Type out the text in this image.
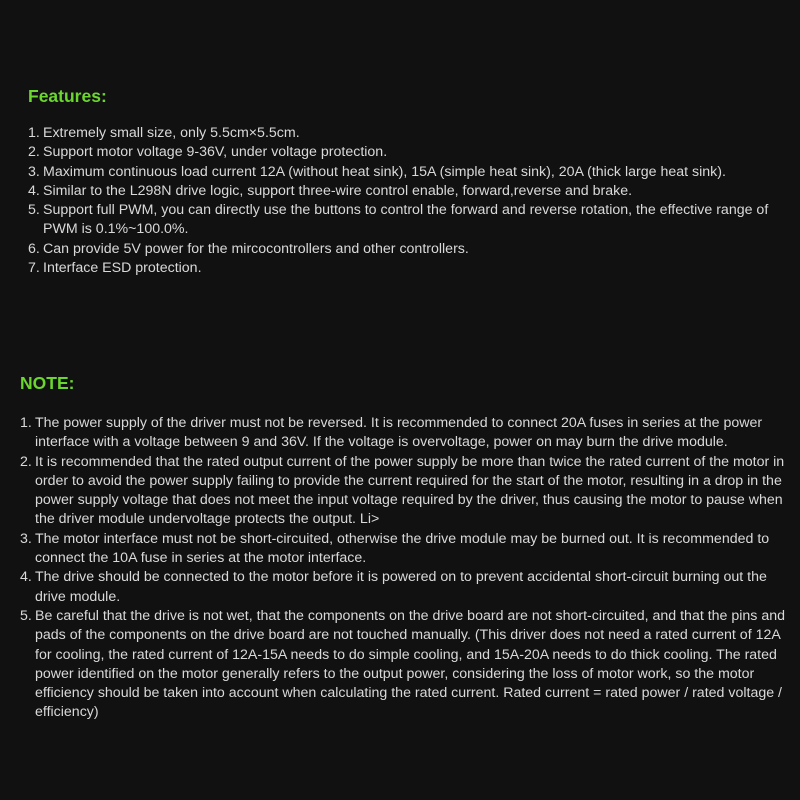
Features:
1. Extremely small size, only 5.5cm×5.5cm.
2. Support motor voltage 9-36V, under voltage protection.
3. Maximum continuous load current 12A (without heat sink), 15A (simple heat sink), 20A (thick large heat sink).
4. Similar to the L298N drive logic, support three-wire control enable, forward,reverse and brake.
5. Support full PWM, you can directly use the buttons to control the forward and reverse rotation, the effective range of PWM is 0.1%~100.0%.
6. Can provide 5V power for the mircocontrollers and other controllers.
7. Interface ESD protection.
NOTE:
1. The power supply of the driver must not be reversed. It is recommended to connect 20A fuses in series at the power interface with a voltage between 9 and 36V. If the voltage is overvoltage, power on may burn the drive module.
2. It is recommended that the rated output current of the power supply be more than twice the rated current of the motor in order to avoid the power supply failing to provide the current required for the start of the motor, resulting in a drop in the power supply voltage that does not meet the input voltage required by the driver, thus causing the motor to pause when the driver module undervoltage protects the output. Li>
3. The motor interface must not be short-circuited, otherwise the drive module may be burned out. It is recommended to connect the 10A fuse in series at the motor interface.
4. The drive should be connected to the motor before it is powered on to prevent accidental short-circuit burning out the drive module.
5. Be careful that the drive is not wet, that the components on the drive board are not short-circuited, and that the pins and pads of the components on the drive board are not touched manually. (This driver does not need a rated current of 12A for cooling, the rated current of 12A-15A needs to do simple cooling, and 15A-20A needs to do thick cooling. The rated power identified on the motor generally refers to the output power, considering the loss of motor work, so the motor efficiency should be taken into account when calculating the rated current. Rated current = rated power / rated voltage / efficiency)
